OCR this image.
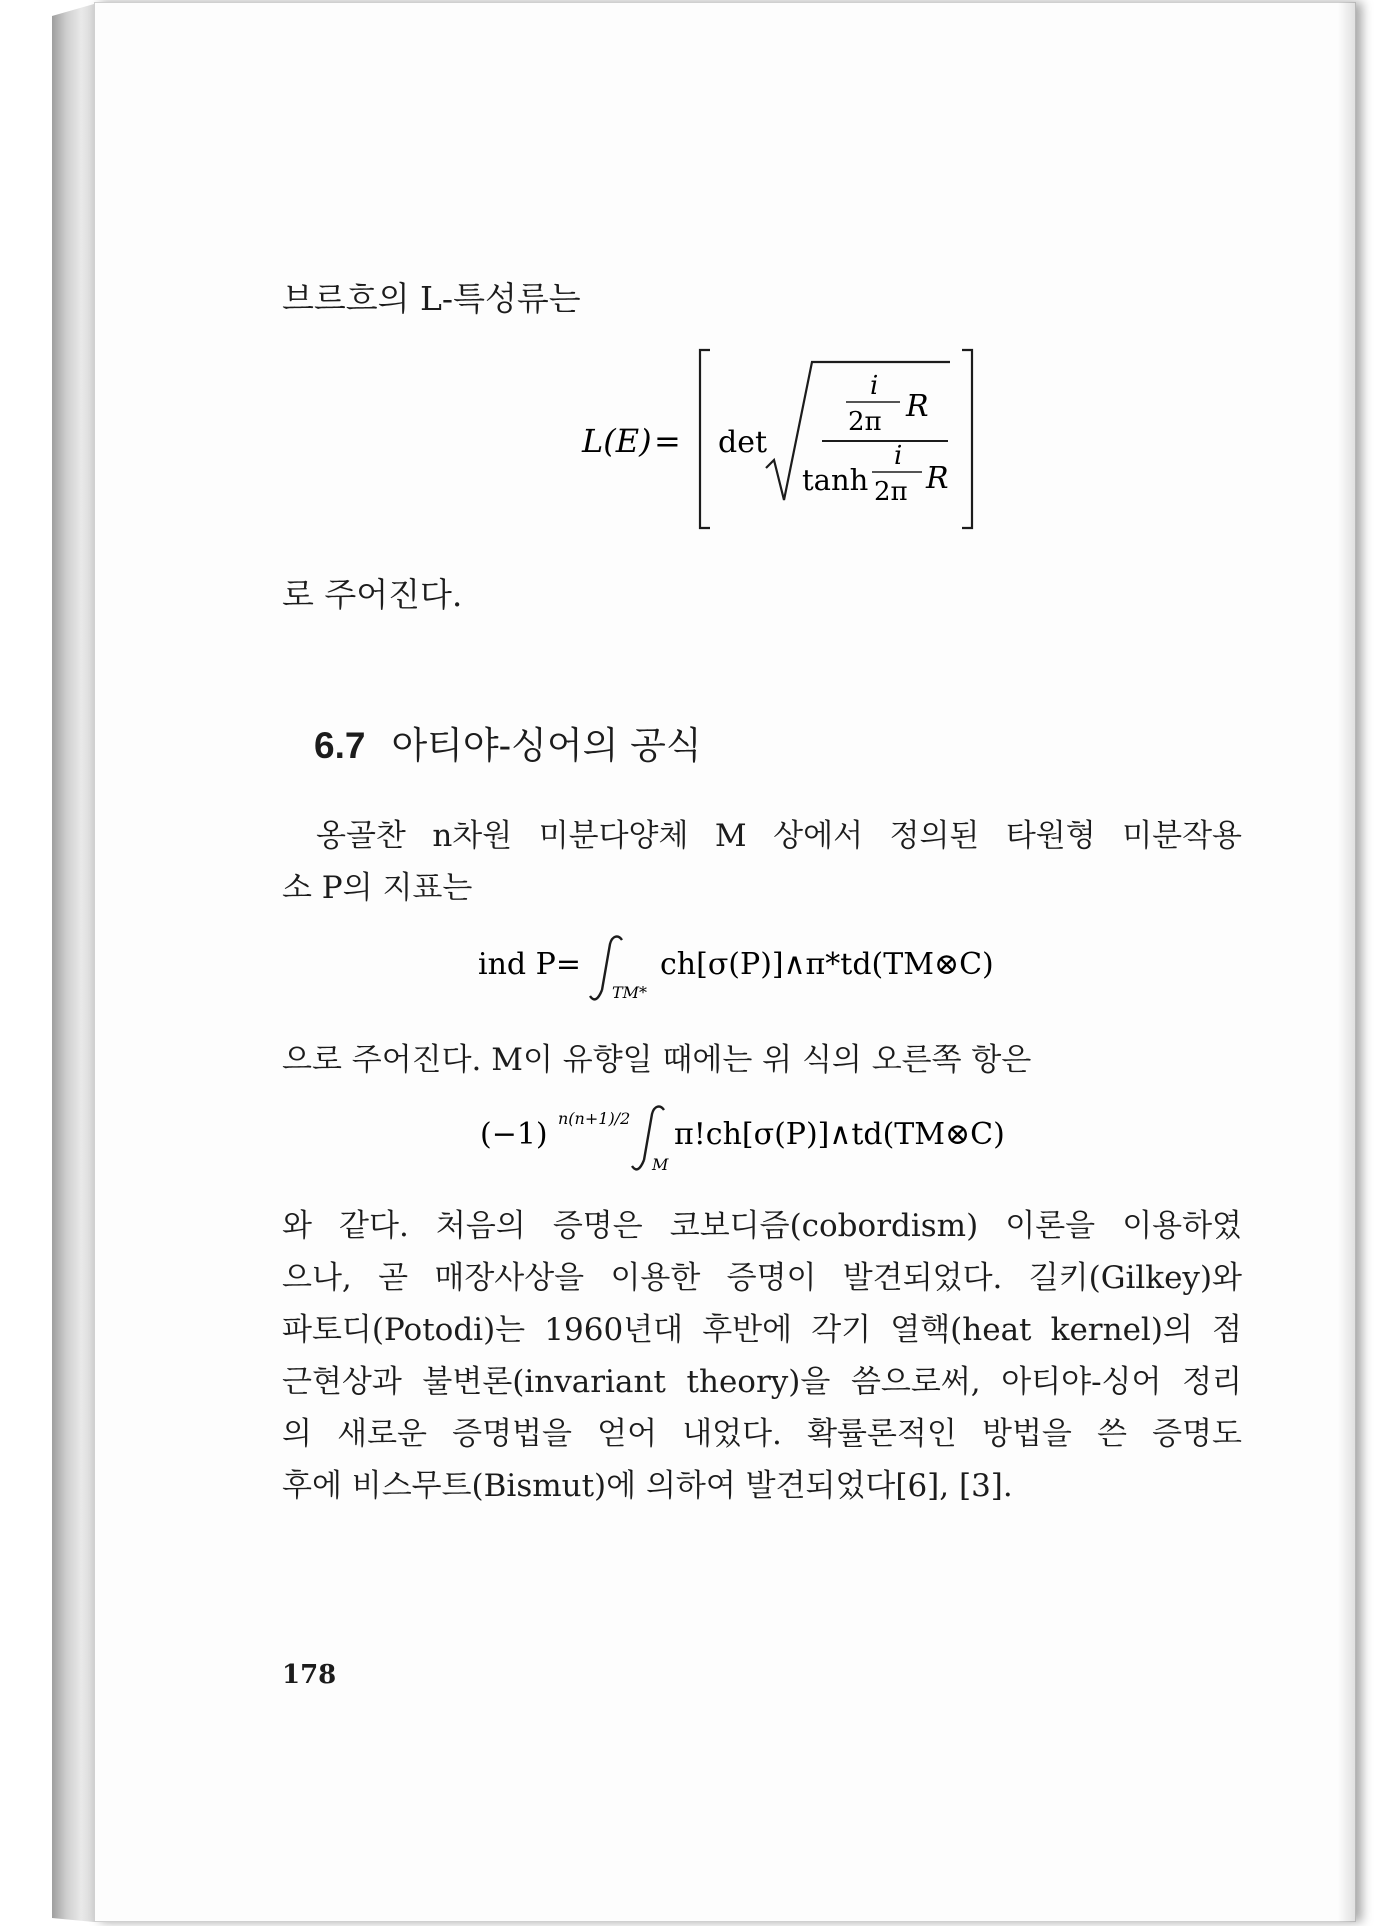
브르흐의 L-특성류는
L(E) = det
i
2π R
tanh
i
2π R
로 주어진다.
6.7 아티야-싱어의 공식
옹골찬 n차원 미분다양체 M 상에서 정의된 타원형 미분작용
소 P의 지표는
ind P=
TM*
ch[σ(P)]∧π*td(TM⊗C)
으로 주어진다. M이 유향일 때에는 위 식의 오른쪽 항은
(−1) n(n+1)/2
M
π!ch[σ(P)]∧td(TM⊗C)
와 같다. 처음의 증명은 코보디즘(cobordism) 이론을 이용하였
으나, 곧 매장사상을 이용한 증명이 발견되었다. 길키(Gilkey)와
파토디(Potodi)는 1960년대 후반에 각기 열핵(heat kernel)의 점
근현상과 불변론(invariant theory)을 씀으로써, 아티야-싱어 정리
의 새로운 증명법을 얻어 내었다. 확률론적인 방법을 쓴 증명도
후에 비스무트(Bismut)에 의하여 발견되었다[6], [3].
178
